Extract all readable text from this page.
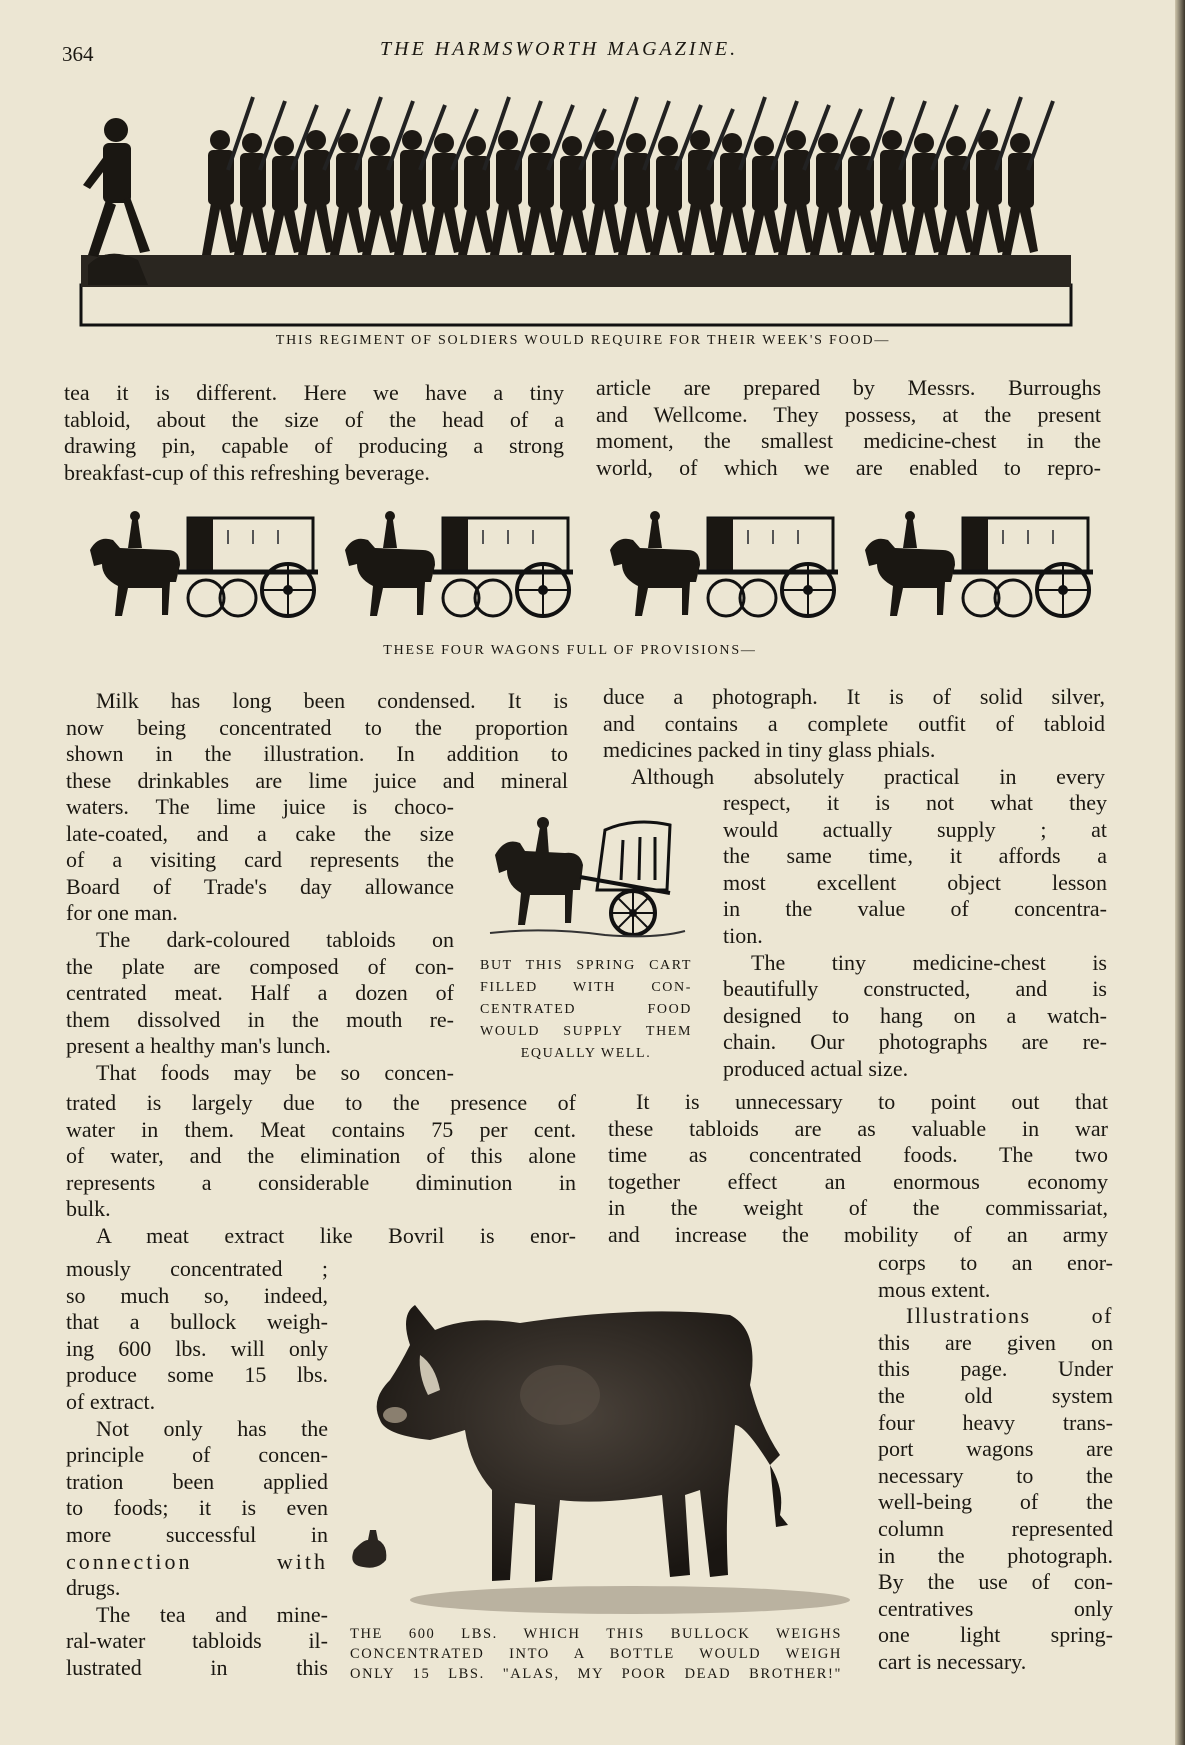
364	THE HARMSWORTH MAGAZINE.
THIS REGIMENT OF SOLDIERS WOULD REQUIRE FOR THEIR WEEK'S FOOD—
tea it is different. Here we have a tiny
tabloid, about the size of the head of a
drawing pin, capable of producing a strong
breakfast-cup of this refreshing beverage.
article are prepared by Messrs. Burroughs
and Wellcome. They possess, at the present
moment, the smallest medicine-chest in the
world, of which we are enabled to repro-
THESE FOUR WAGONS FULL OF PROVISIONS—
Milk has long been condensed. It is
now being concentrated to the proportion
shown in the illustration. In addition to
these drinkables are lime juice and mineral
waters. The lime juice is choco-
late-coated, and a cake the size
of a visiting card represents the
Board of Trade's day allowance
for one man.
The dark-coloured tabloids on
the plate are composed of con-
centrated meat. Half a dozen of
them dissolved in the mouth re-
present a healthy man's lunch.
That foods may be so concen-
BUT THIS SPRING CART
FILLED WITH CON-
CENTRATED FOOD
WOULD SUPPLY THEM
EQUALLY WELL.
trated is largely due to the presence of
water in them. Meat contains 75 per cent.
of water, and the elimination of this alone
represents a considerable diminution in
bulk.
A meat extract like Bovril is enor-
mously concentrated ;
so much so, indeed,
that a bullock weigh-
ing 600 lbs. will only
produce some 15 lbs.
of extract.
Not only has the
principle of concen-
tration been applied
to foods; it is even
more successful in
connection with
drugs.
The tea and mine-
ral-water tabloids il-
lustrated in this
THE 600 LBS. WHICH THIS BULLOCK WEIGHS
CONCENTRATED INTO A BOTTLE WOULD WEIGH
ONLY 15 LBS. "ALAS, MY POOR DEAD BROTHER!"
duce a photograph. It is of solid silver,
and contains a complete outfit of tabloid
medicines packed in tiny glass phials.
Although absolutely practical in every
respect, it is not what they
would actually supply ; at
the same time, it affords a
most excellent object lesson
in the value of concentra-
tion.
The tiny medicine-chest is
beautifully constructed, and is
designed to hang on a watch-
chain. Our photographs are re-
produced actual size.
It is unnecessary to point out that
these tabloids are as valuable in war
time as concentrated foods. The two
together effect an enormous economy
in the weight of the commissariat,
and increase the mobility of an army
corps to an enor-
mous extent.
Illustrations of
this are given on
this page. Under
the old system
four heavy trans-
port wagons are
necessary to the
well-being of the
column represented
in the photograph.
By the use of con-
centratives only
one light spring-
cart is necessary.
